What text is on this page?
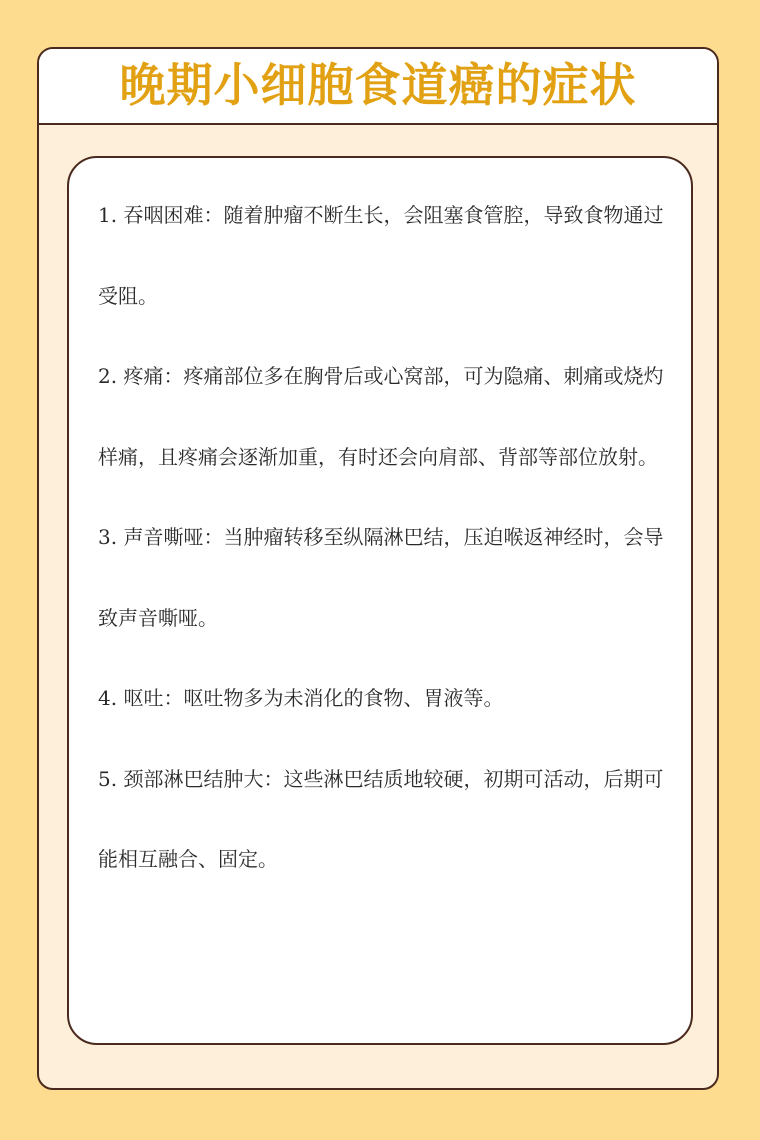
晚期小细胞食道癌的症状

1. 吞咽困难：随着肿瘤不断生长，会阻塞食管腔，导致食物通过受阻。

2. 疼痛：疼痛部位多在胸骨后或心窝部，可为隐痛、刺痛或烧灼样痛，且疼痛会逐渐加重，有时还会向肩部、背部等部位放射。

3. 声音嘶哑：当肿瘤转移至纵隔淋巴结，压迫喉返神经时，会导致声音嘶哑。

4. 呕吐：呕吐物多为未消化的食物、胃液等。

5. 颈部淋巴结肿大：这些淋巴结质地较硬，初期可活动，后期可能相互融合、固定。
